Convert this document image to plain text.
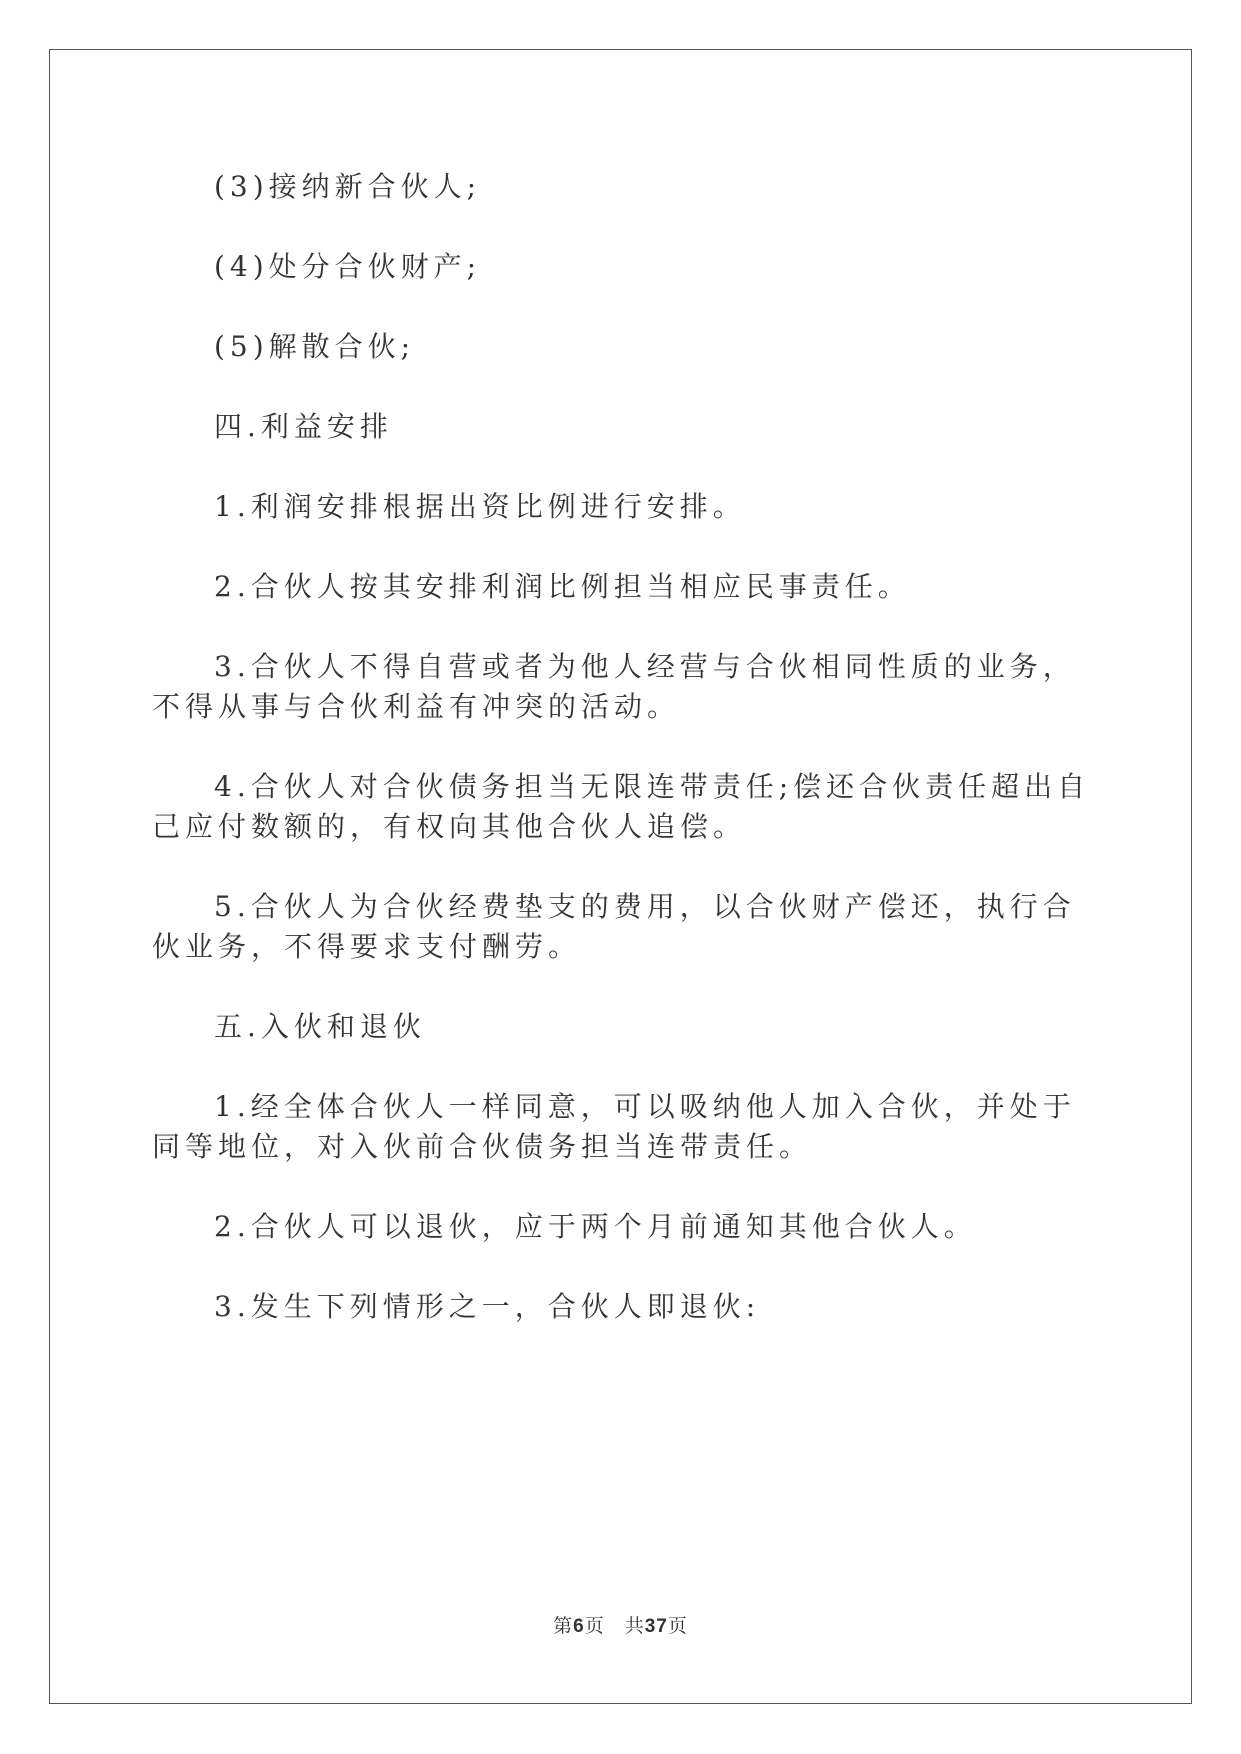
(3)接纳新合伙人;

(4)处分合伙财产;

(5)解散合伙;

四.利益安排

1.利润安排根据出资比例进行安排。

2.合伙人按其安排利润比例担当相应民事责任。

3.合伙人不得自营或者为他人经营与合伙相同性质的业务，不得从事与合伙利益有冲突的活动。

4.合伙人对合伙债务担当无限连带责任;偿还合伙责任超出自己应付数额的，有权向其他合伙人追偿。

5.合伙人为合伙经费垫支的费用，以合伙财产偿还，执行合伙业务，不得要求支付酬劳。

五.入伙和退伙

1.经全体合伙人一样同意，可以吸纳他人加入合伙，并处于同等地位，对入伙前合伙债务担当连带责任。

2.合伙人可以退伙，应于两个月前通知其他合伙人。

3.发生下列情形之一，合伙人即退伙:

第6页 共37页
